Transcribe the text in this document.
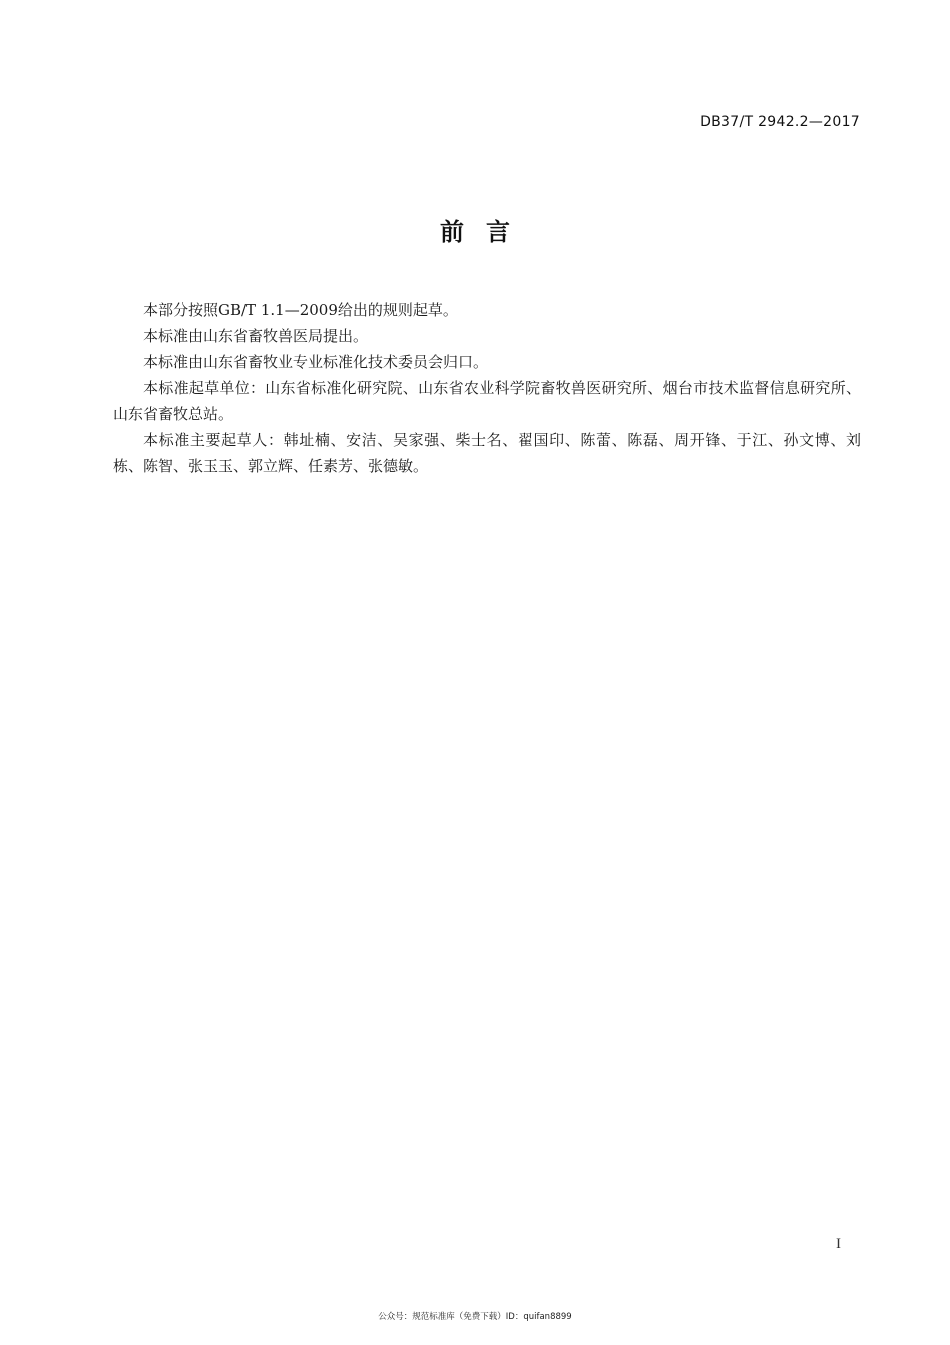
DB37/T 2942.2—2017
前言

本部分按照GB/T 1.1—2009给出的规则起草。

本标准由山东省畜牧兽医局提出。

本标准由山东省畜牧业专业标准化技术委员会归口。

本标准起草单位：山东省标准化研究院、山东省农业科学院畜牧兽医研究所、烟台市技术监督信息研究所、山东省畜牧总站。

本标准主要起草人：韩址楠、安洁、吴家强、柴士名、翟国印、陈蕾、陈磊、周开锋、于江、孙文博、刘栋、陈智、张玉玉、郭立辉、任素芳、张德敏。

I
公众号：规范标准库（免费下载）ID：quifan8899
